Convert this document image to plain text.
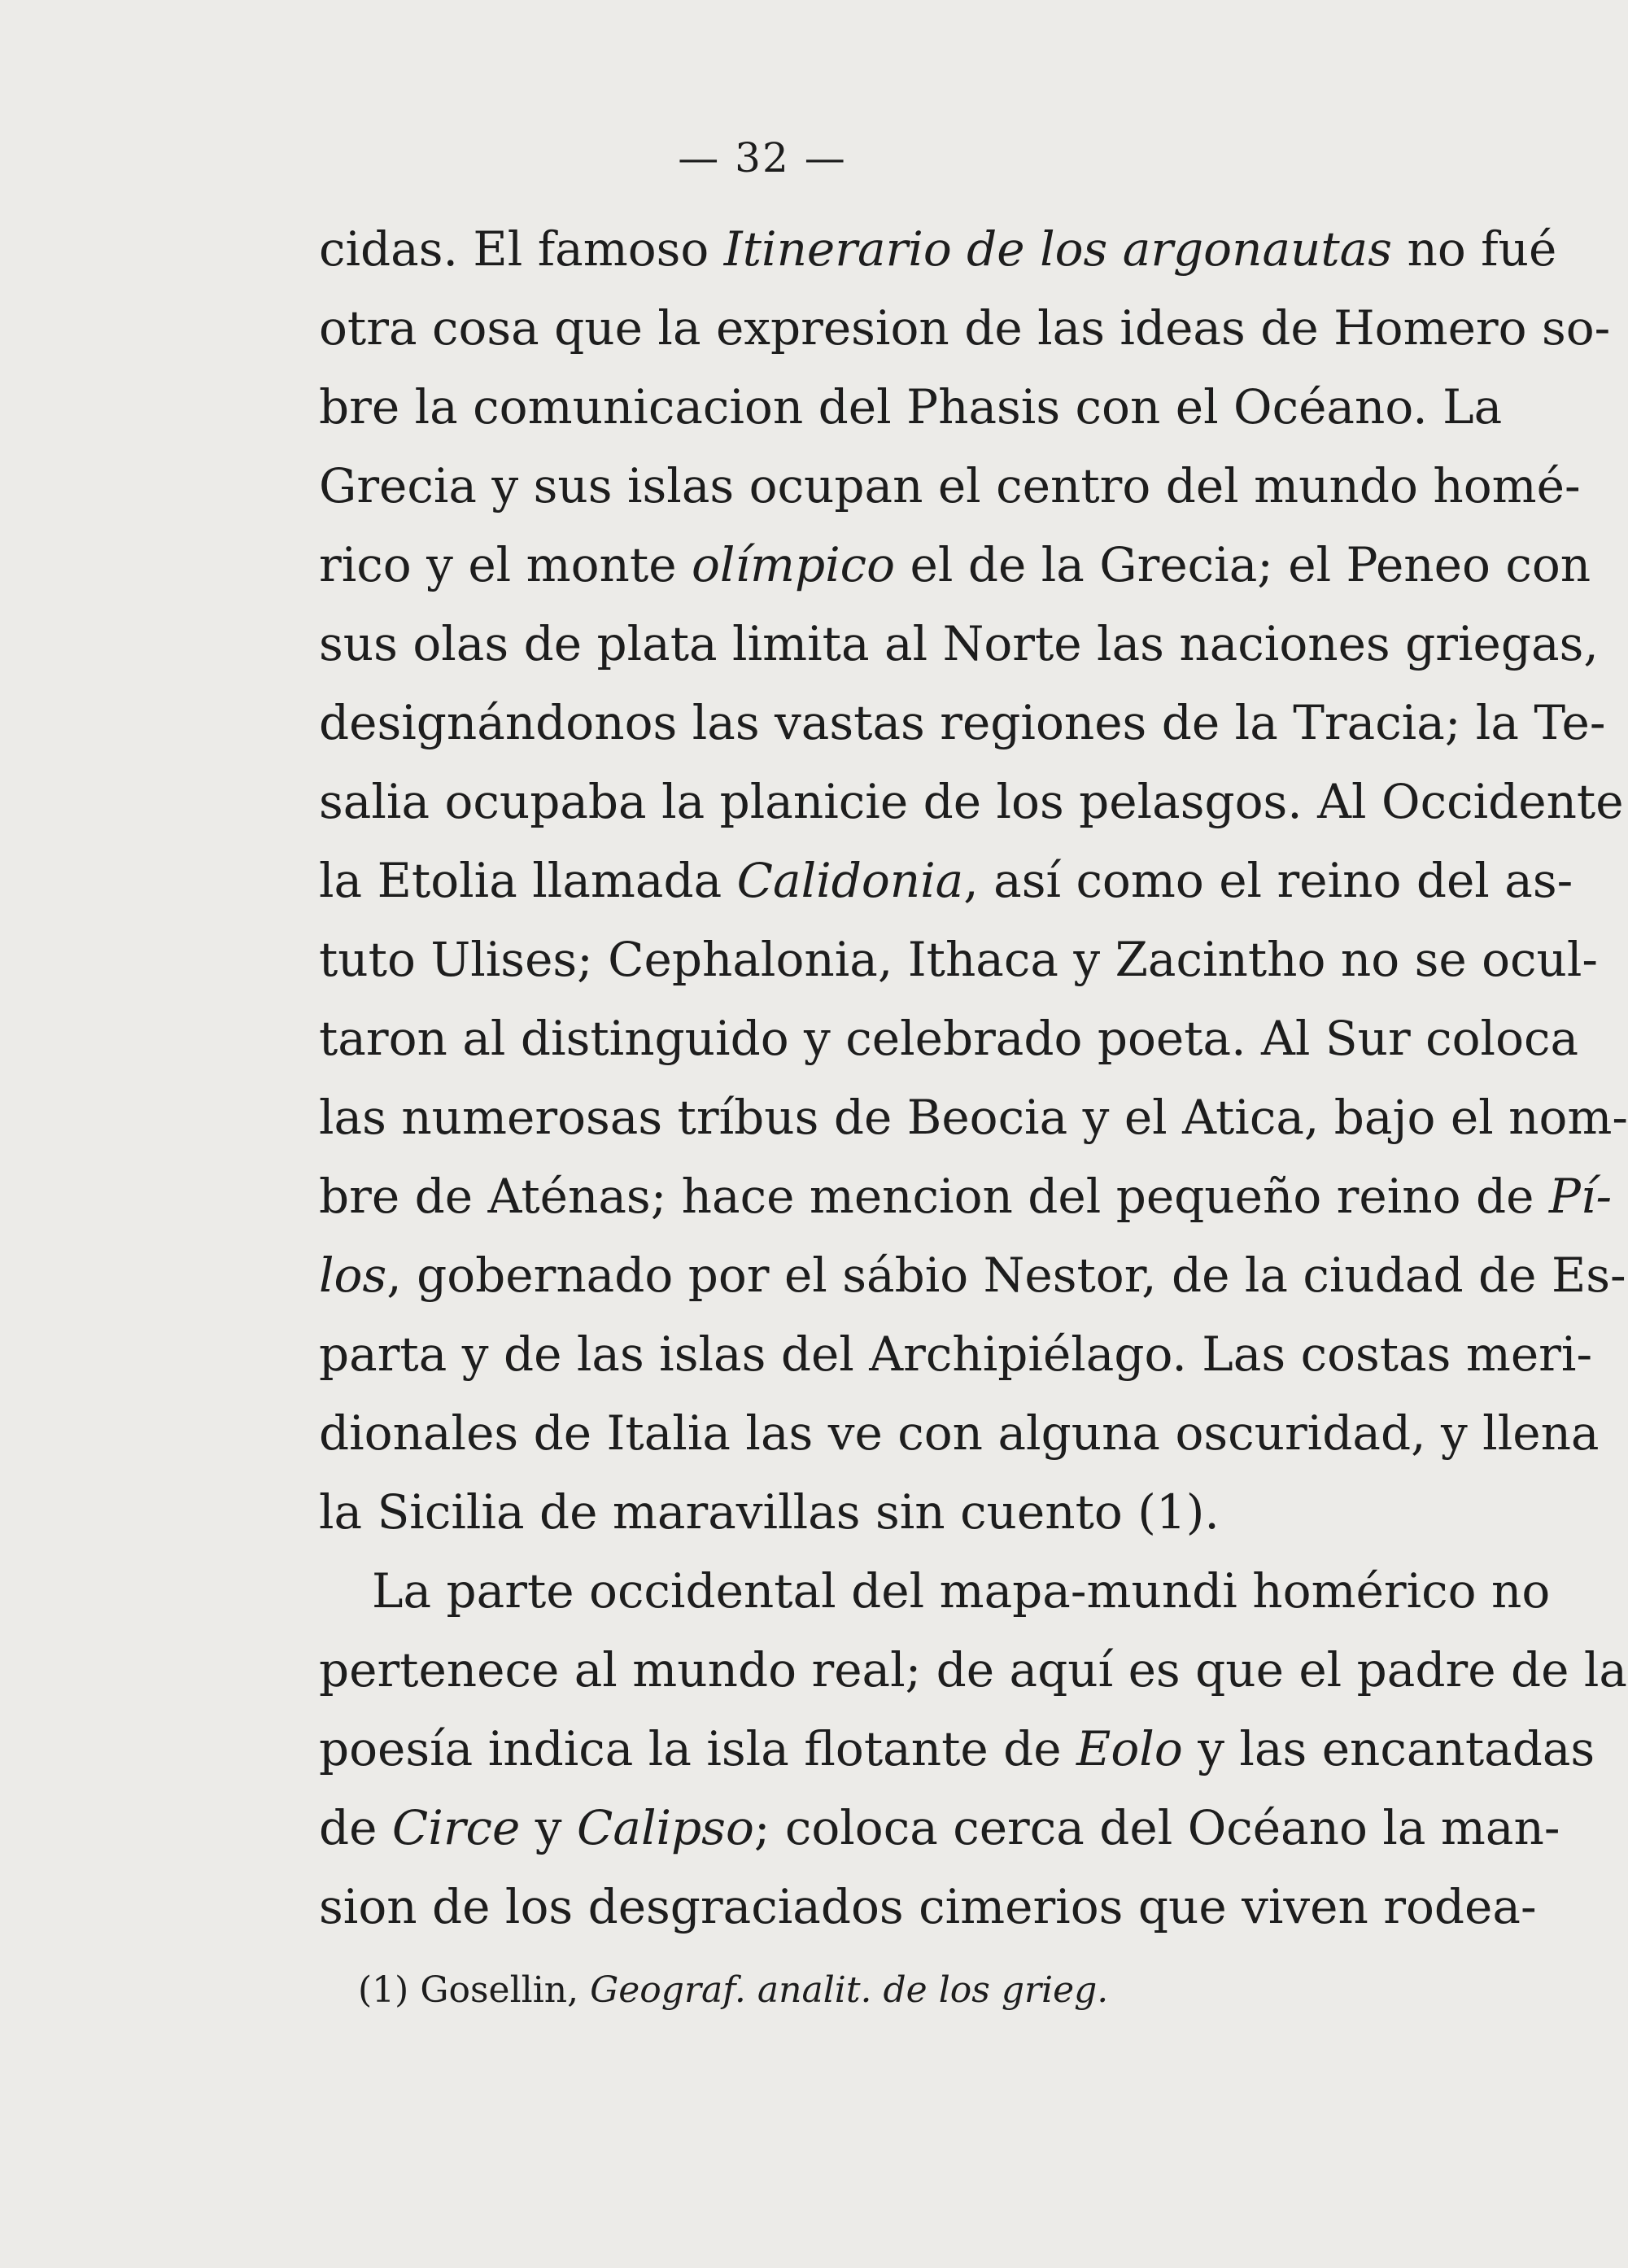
— 32 —
cidas. El famoso Itinerario de los argonautas no fué
otra cosa que la expresion de las ideas de Homero so-
bre la comunicacion del Phasis con el Océano. La
Grecia y sus islas ocupan el centro del mundo homé-
rico y el monte olímpico el de la Grecia; el Peneo con
sus olas de plata limita al Norte las naciones griegas,
designándonos las vastas regiones de la Tracia; la Te-
salia ocupaba la planicie de los pelasgos. Al Occidente
la Etolia llamada Calidonia, así como el reino del as-
tuto Ulises; Cephalonia, Ithaca y Zacintho no se ocul-
taron al distinguido y celebrado poeta. Al Sur coloca
las numerosas tríbus de Beocia y el Atica, bajo el nom-
bre de Aténas; hace mencion del pequeño reino de Pí-
los, gobernado por el sábio Nestor, de la ciudad de Es-
parta y de las islas del Archipiélago. Las costas meri-
dionales de Italia las ve con alguna oscuridad, y llena
la Sicilia de maravillas sin cuento (1).
La parte occidental del mapa-mundi homérico no
pertenece al mundo real; de aquí es que el padre de la
poesía indica la isla flotante de Eolo y las encantadas
de Circe y Calipso; coloca cerca del Océano la man-
sion de los desgraciados cimerios que viven rodea-
(1) Gosellin, Geograf. analit. de los grieg.
